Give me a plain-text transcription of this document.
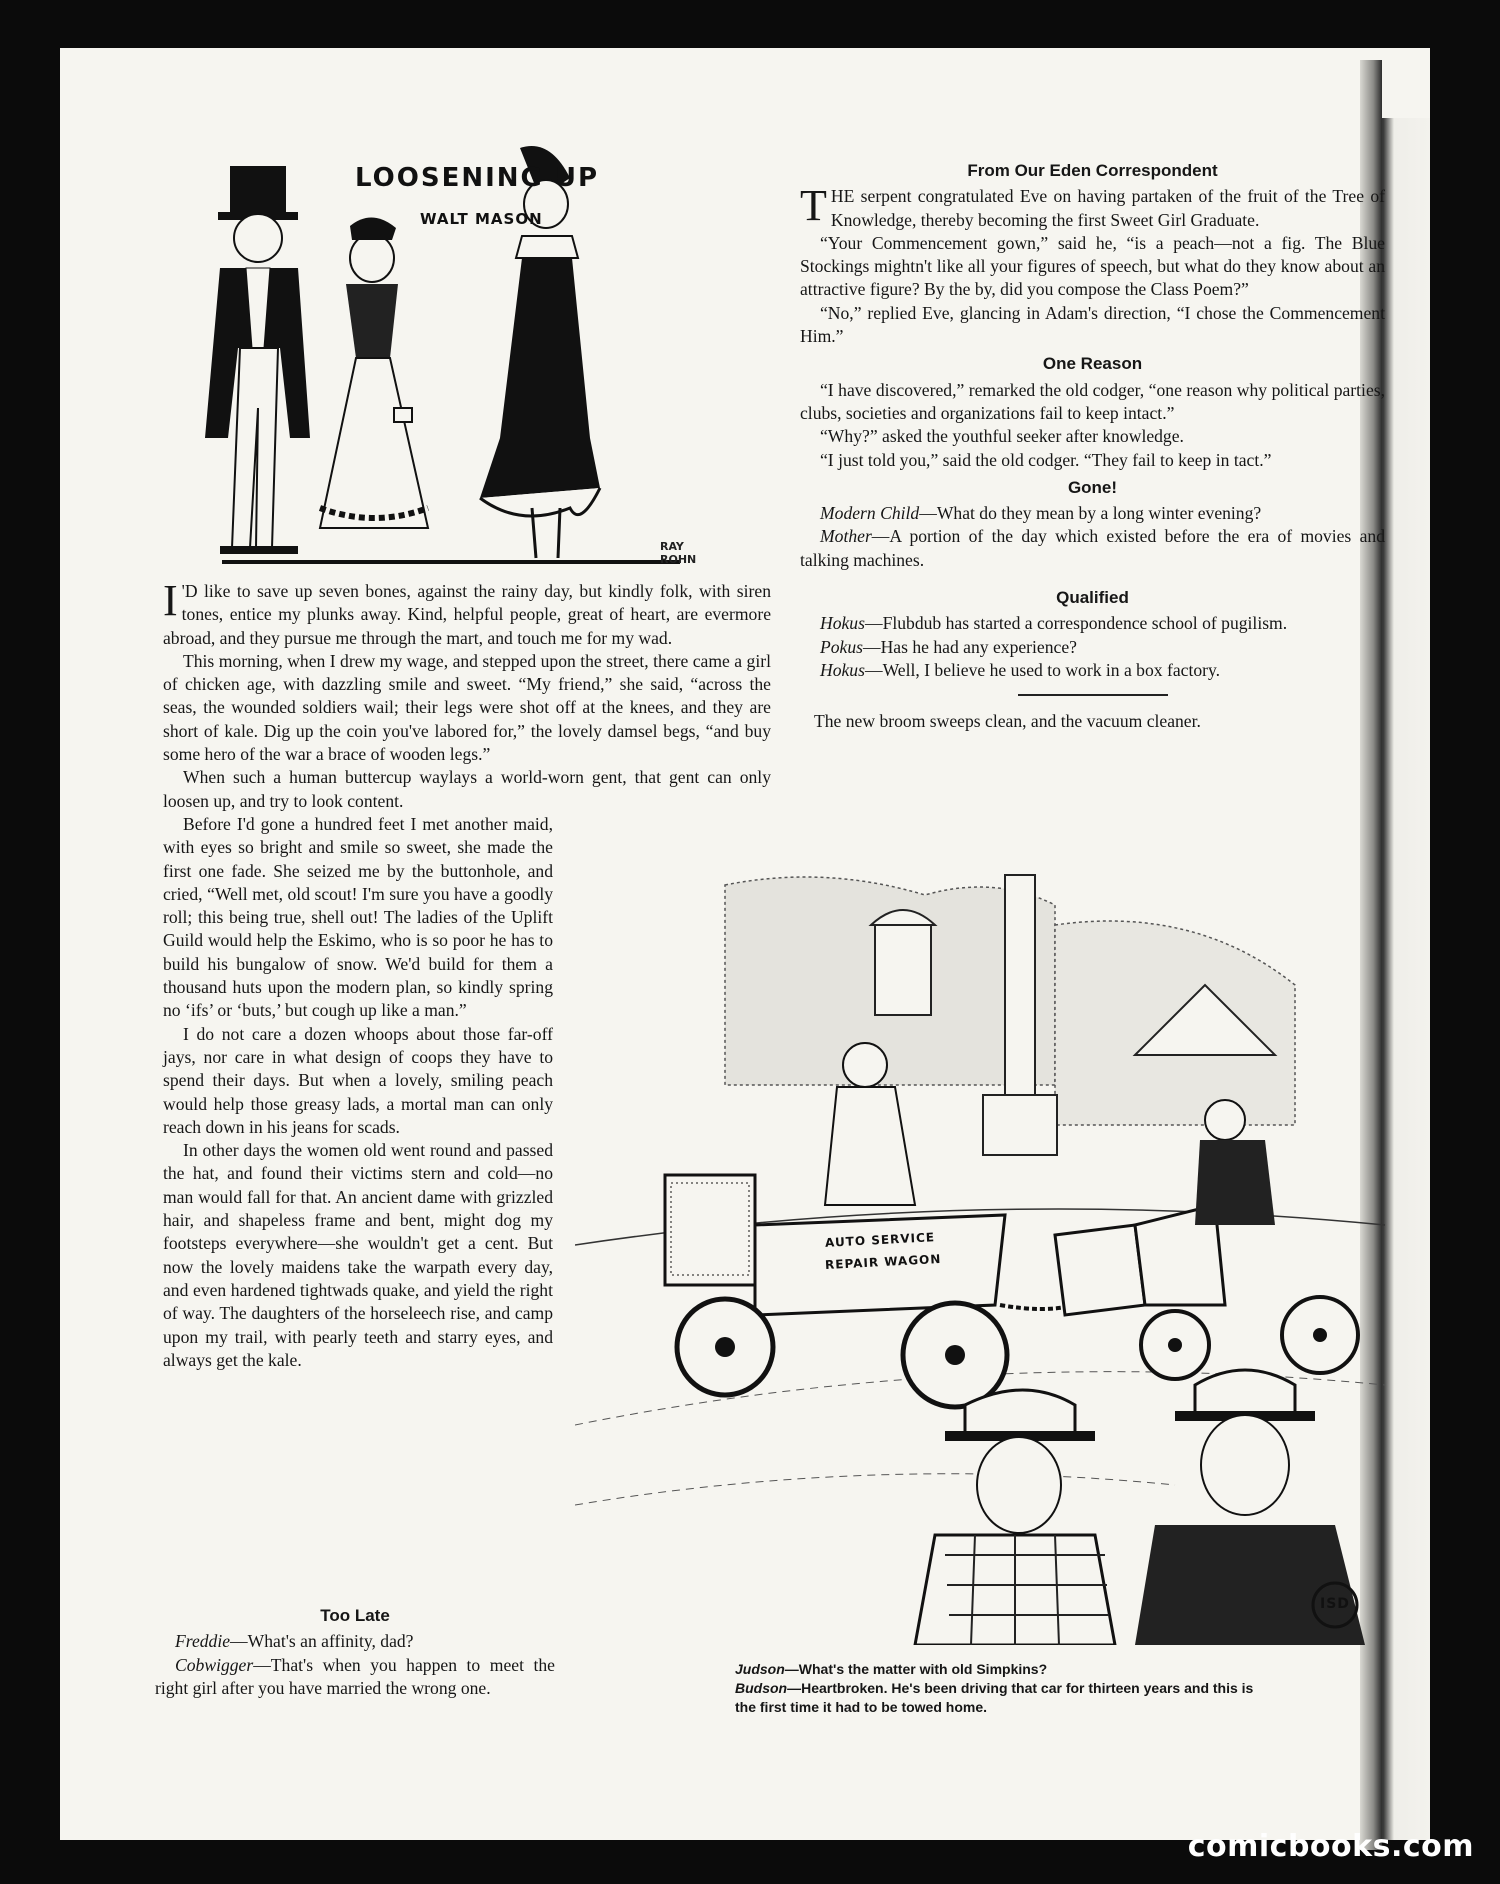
LOOSENING UP
WALT MASON
RAY ROHN

I 'D like to save up seven bones, against the rainy day, but kindly folk, with siren tones, entice my plunks away. Kind, helpful people, great of heart, are evermore abroad, and they pursue me through the mart, and touch me for my wad.

This morning, when I drew my wage, and stepped upon the street, there came a girl of chicken age, with dazzling smile and sweet. “My friend,” she said, “across the seas, the wounded soldiers wail; their legs were shot off at the knees, and they are short of kale. Dig up the coin you've labored for,” the lovely damsel begs, “and buy some hero of the war a brace of wooden legs.”

When such a human buttercup waylays a world-worn gent, that gent can only loosen up, and try to look content.

Before I'd gone a hundred feet I met another maid, with eyes so bright and smile so sweet, she made the first one fade. She seized me by the buttonhole, and cried, “Well met, old scout! I'm sure you have a goodly roll; this being true, shell out! The ladies of the Uplift Guild would help the Eskimo, who is so poor he has to build his bungalow of snow. We'd build for them a thousand huts upon the modern plan, so kindly spring no ‘ifs’ or ‘buts,’ but cough up like a man.”

I do not care a dozen whoops about those far-off jays, nor care in what design of coops they have to spend their days. But when a lovely, smiling peach would help those greasy lads, a mortal man can only reach down in his jeans for scads.

In other days the women old went round and passed the hat, and found their victims stern and cold—no man would fall for that. An ancient dame with grizzled hair, and shapeless frame and bent, might dog my footsteps everywhere—she wouldn't get a cent. But now the lovely maidens take the warpath every day, and even hardened tightwads quake, and yield the right of way. The daughters of the horseleech rise, and camp upon my trail, with pearly teeth and starry eyes, and always get the kale.

Too Late

Freddie—What's an affinity, dad?

Cobwigger—That's when you happen to meet the right girl after you have married the wrong one.

From Our Eden Correspondent

THE serpent congratulated Eve on having partaken of the fruit of the Tree of Knowledge, thereby becoming the first Sweet Girl Graduate.

“Your Commencement gown,” said he, “is a peach—not a fig. The Blue Stockings mightn't like all your figures of speech, but what do they know about an attractive figure? By the by, did you compose the Class Poem?”

“No,” replied Eve, glancing in Adam's direction, “I chose the Commencement Him.”

One Reason

“I have discovered,” remarked the old codger, “one reason why political parties, clubs, societies and organizations fail to keep intact.”

“Why?” asked the youthful seeker after knowledge.

“I just told you,” said the old codger. “They fail to keep in tact.”

Gone!

Modern Child—What do they mean by a long winter evening?

Mother—A portion of the day which existed before the era of movies and talking machines.

Qualified

Hokus—Flubdub has started a correspondence school of pugilism.

Pokus—Has he had any experience?

Hokus—Well, I believe he used to work in a box factory.

The new broom sweeps clean, and the vacuum cleaner.

AUTO SERVICE
REPAIR WAGON
ISD

Judson—What's the matter with old Simpkins?

Budson—Heartbroken. He's been driving that car for thirteen years and this is the first time it had to be towed home.

comicbooks.com
